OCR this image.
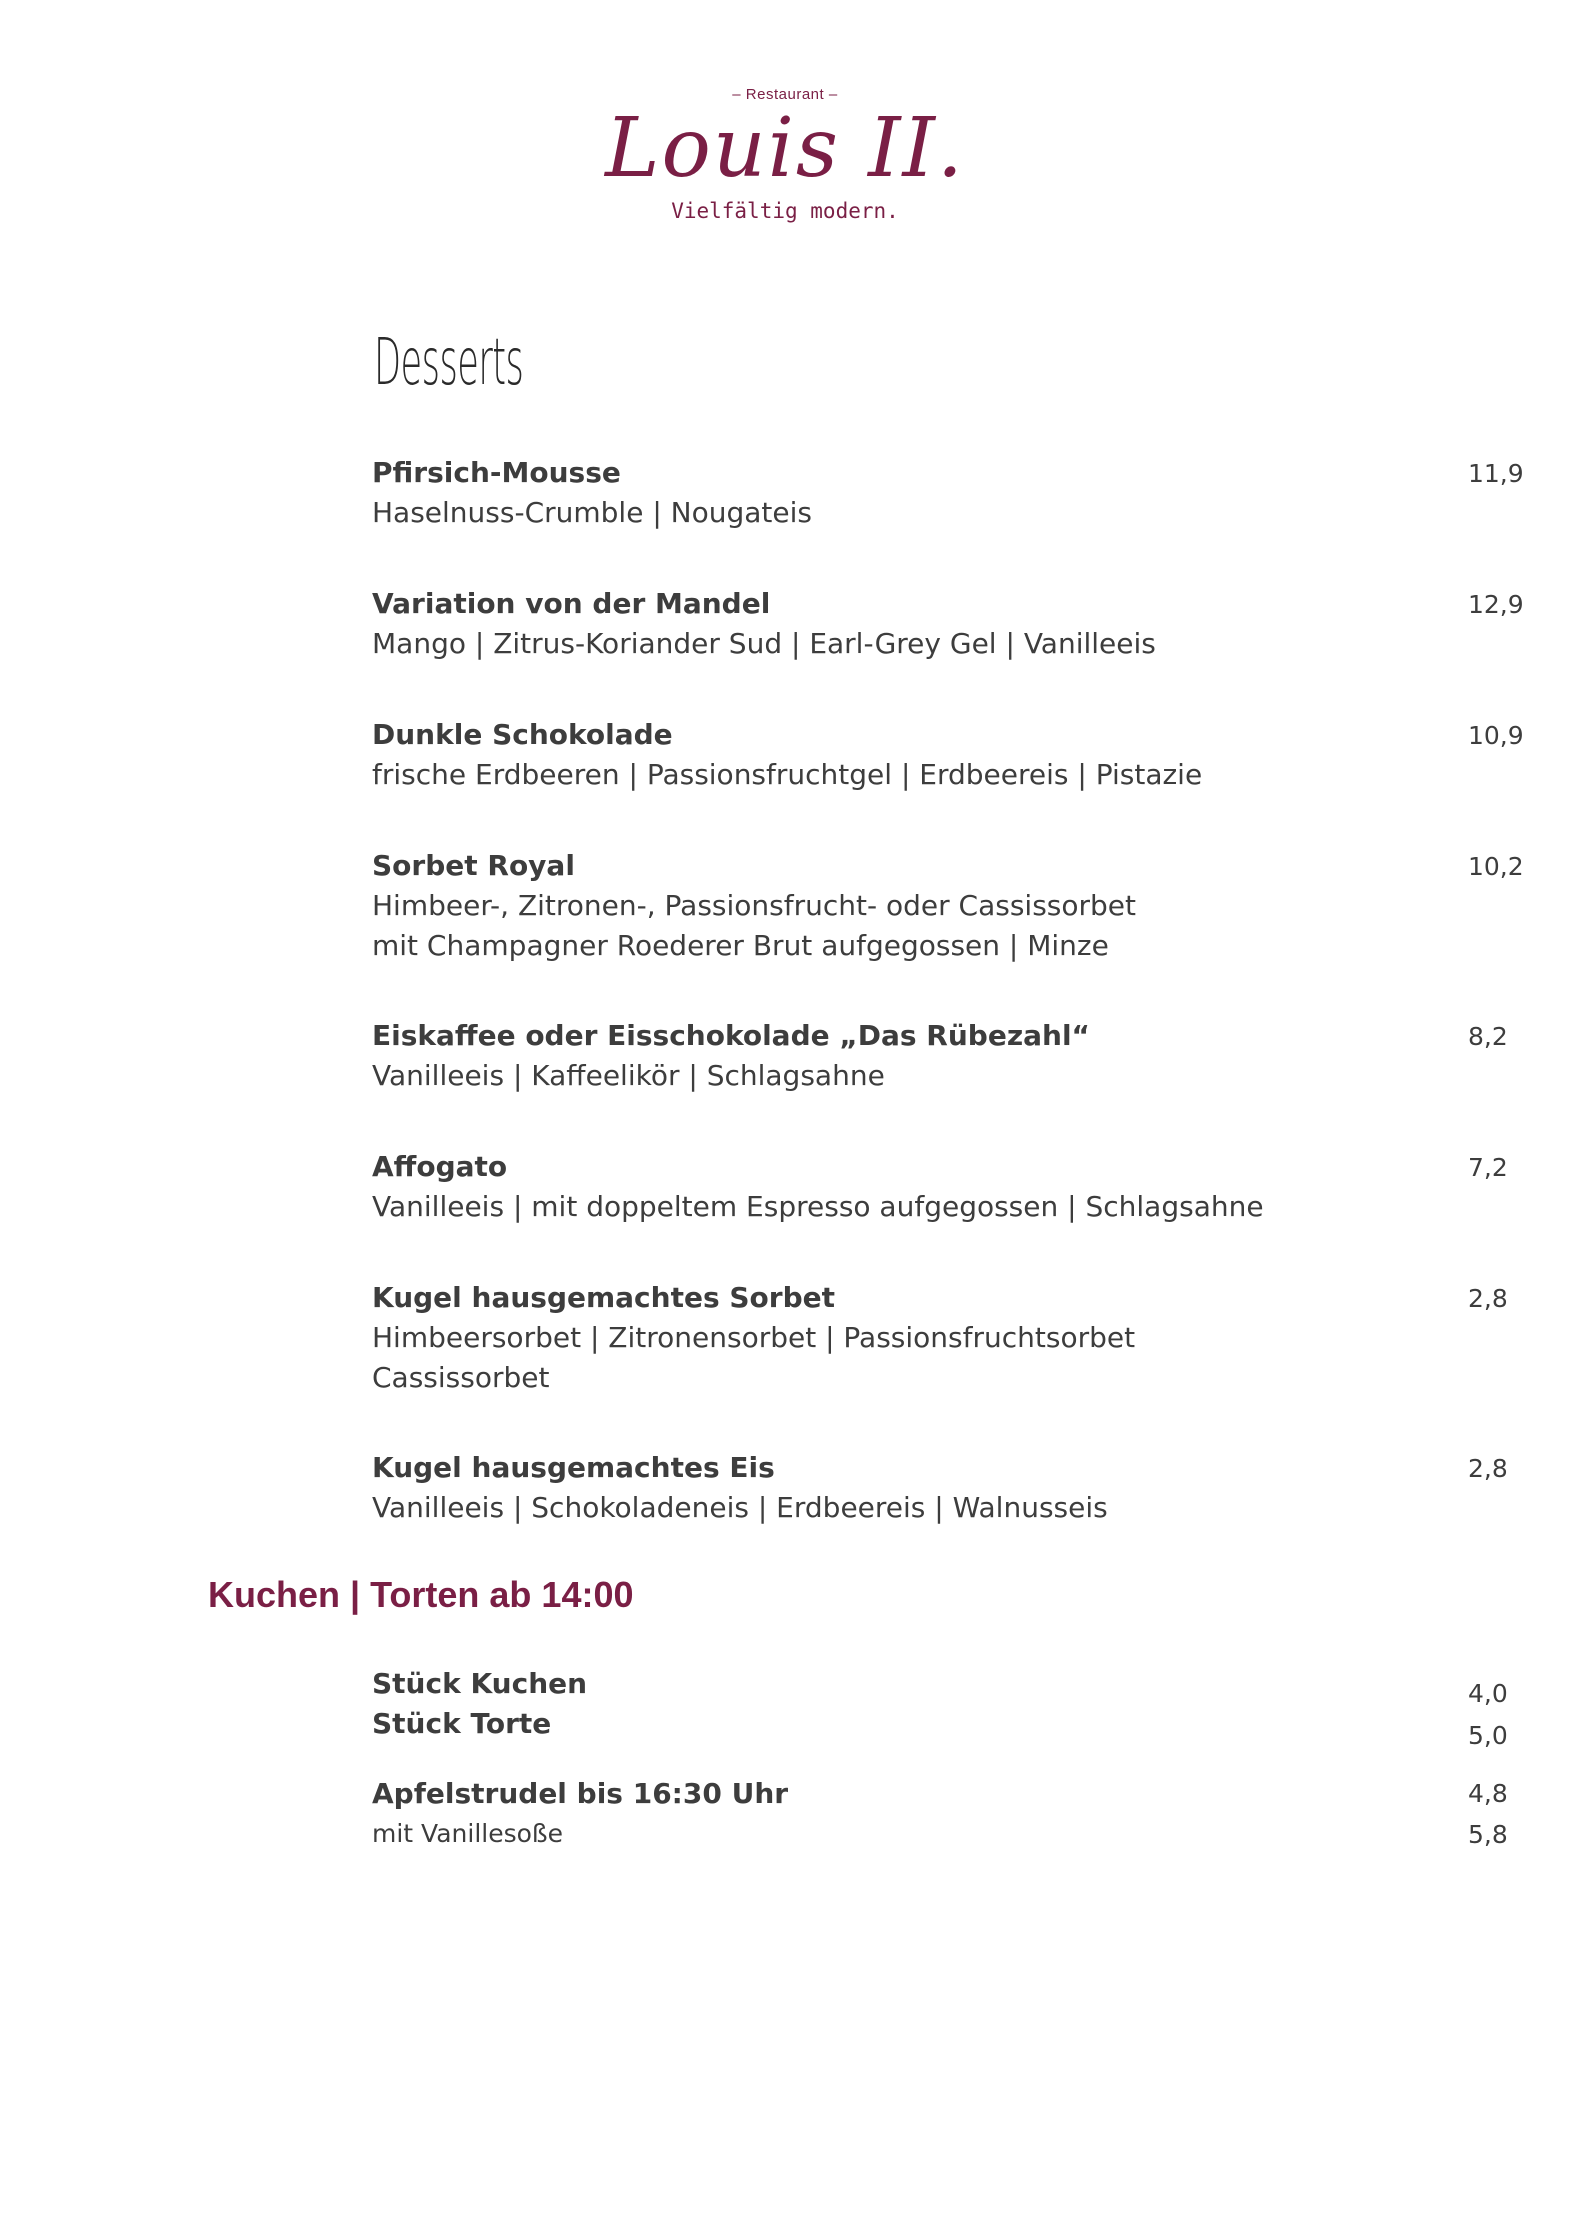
– Restaurant –
Louis II.
Vielfältig modern.
Desserts
Pfirsich-Mousse
Haselnuss-Crumble | Nougateis
11,9
Variation von der Mandel
Mango | Zitrus-Koriander Sud | Earl-Grey Gel | Vanilleeis
12,9
Dunkle Schokolade
frische Erdbeeren | Passionsfruchtgel | Erdbeereis | Pistazie
10,9
Sorbet Royal
Himbeer-, Zitronen-, Passionsfrucht- oder Cassissorbet
mit Champagner Roederer Brut aufgegossen | Minze
10,2
Eiskaffee oder Eisschokolade „Das Rübezahl“
Vanilleeis | Kaffeelikör | Schlagsahne
8,2
Affogato
Vanilleeis | mit doppeltem Espresso aufgegossen | Schlagsahne
7,2
Kugel hausgemachtes Sorbet
Himbeersorbet | Zitronensorbet | Passionsfruchtsorbet
Cassissorbet
2,8
Kugel hausgemachtes Eis
Vanilleeis | Schokoladeneis | Erdbeereis | Walnusseis
2,8
Kuchen | Torten ab 14:00
Stück Kuchen
Stück Torte
4,0
5,0
Apfelstrudel bis 16:30 Uhr
mit Vanillesoße
4,8
5,8
